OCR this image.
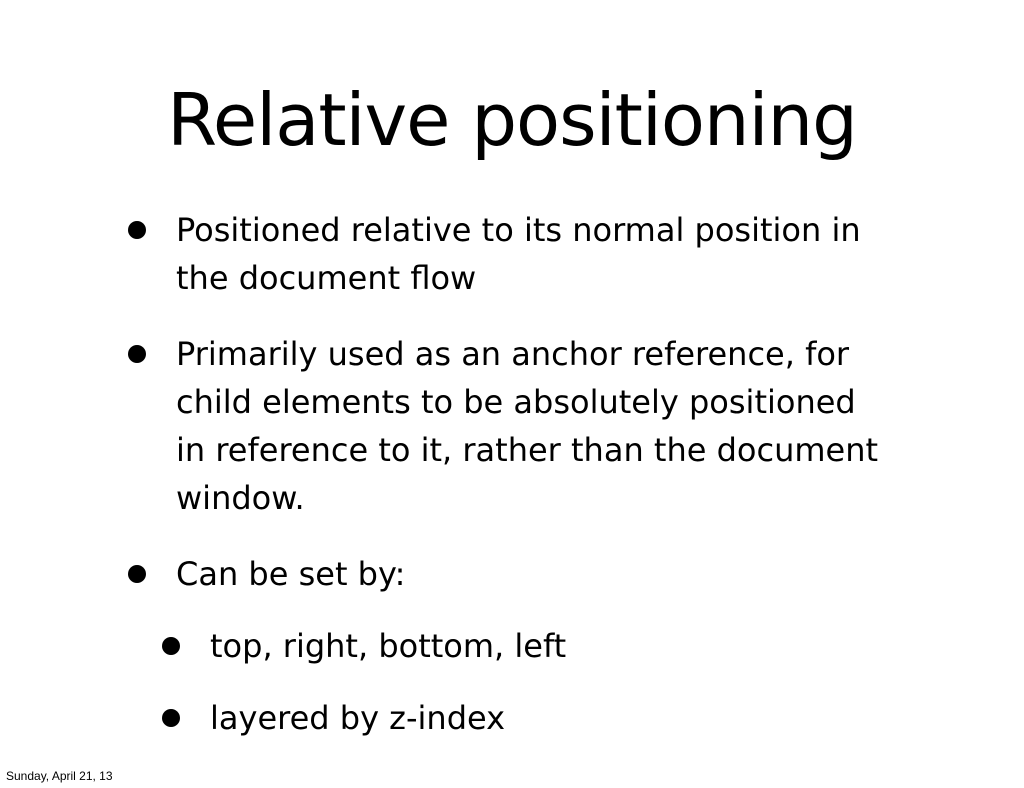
Relative positioning
Positioned relative to its normal position in
the document flow
Primarily used as an anchor reference, for
child elements to be absolutely positioned
in reference to it, rather than the document
window.
Can be set by:
top, right, bottom, left
layered by z-index
Sunday, April 21, 13
